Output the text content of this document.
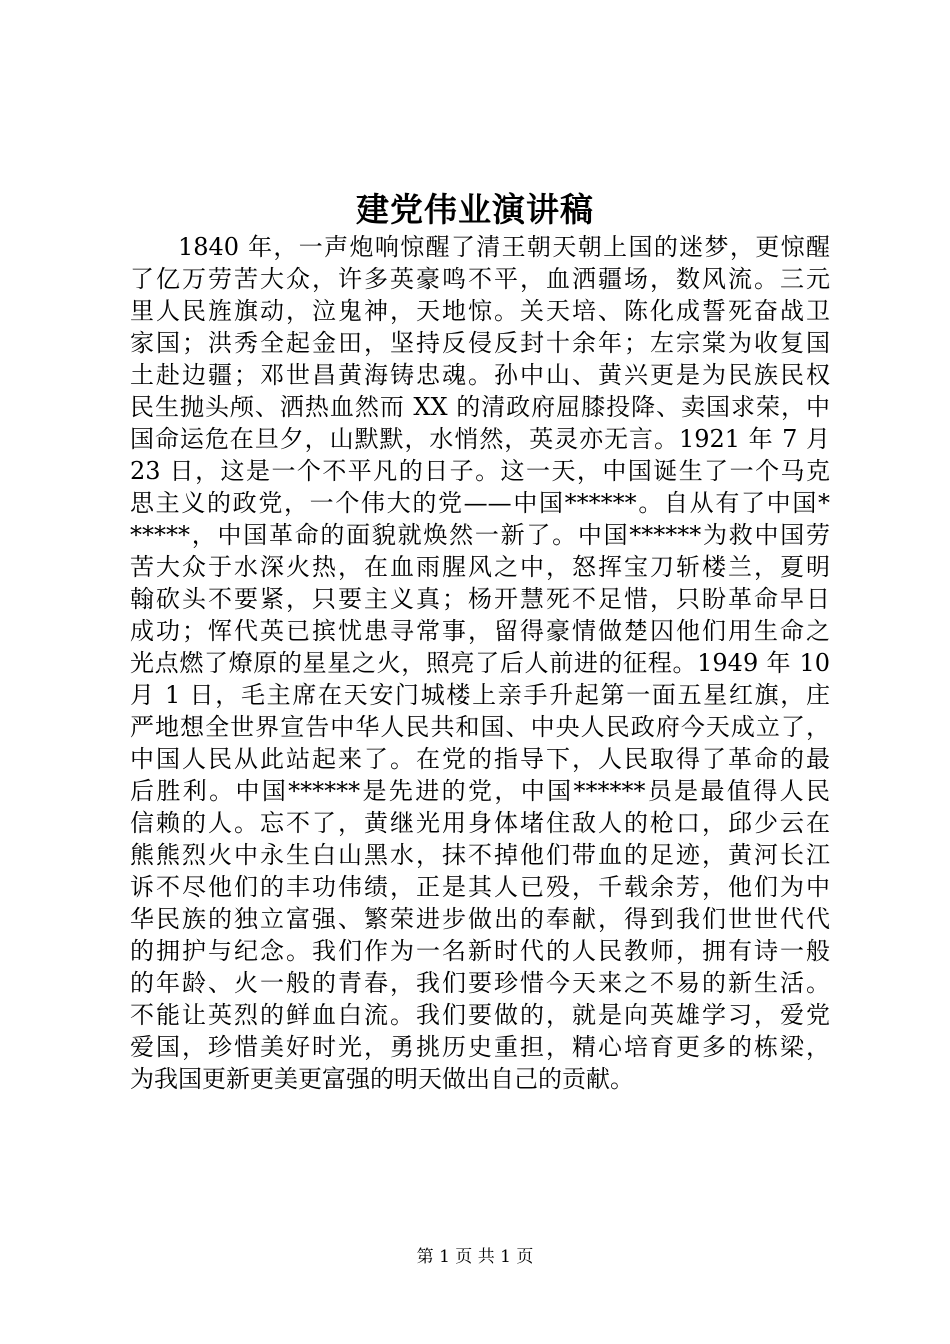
建党伟业演讲稿
1840 年，一声炮响惊醒了清王朝天朝上国的迷梦，更惊醒
了亿万劳苦大众，许多英豪鸣不平，血洒疆场，数风流。三元
里人民旌旗动，泣鬼神，天地惊。关天培、陈化成誓死奋战卫
家国；洪秀全起金田，坚持反侵反封十余年；左宗棠为收复国
土赴边疆；邓世昌黄海铸忠魂。孙中山、黄兴更是为民族民权
民生抛头颅、洒热血然而 XX 的清政府屈膝投降、卖国求荣，中
国命运危在旦夕，山默默，水悄然，英灵亦无言。1921 年 7 月
23 日，这是一个不平凡的日子。这一天，中国诞生了一个马克
思主义的政党，一个伟大的党——中国******。自从有了中国*
*****，中国革命的面貌就焕然一新了。中国******为救中国劳
苦大众于水深火热，在血雨腥风之中，怒挥宝刀斩楼兰，夏明
翰砍头不要紧，只要主义真；杨开慧死不足惜，只盼革命早日
成功；恽代英已摈忧患寻常事，留得豪情做楚囚他们用生命之
光点燃了燎原的星星之火，照亮了后人前进的征程。1949 年 10
月 1 日，毛主席在天安门城楼上亲手升起第一面五星红旗，庄
严地想全世界宣告中华人民共和国、中央人民政府今天成立了，
中国人民从此站起来了。在党的指导下，人民取得了革命的最
后胜利。中国******是先进的党，中国******员是最值得人民
信赖的人。忘不了，黄继光用身体堵住敌人的枪口，邱少云在
熊熊烈火中永生白山黑水，抹不掉他们带血的足迹，黄河长江
诉不尽他们的丰功伟绩，正是其人已殁，千载余芳，他们为中
华民族的独立富强、繁荣进步做出的奉献，得到我们世世代代
的拥护与纪念。我们作为一名新时代的人民教师，拥有诗一般
的年龄、火一般的青春，我们要珍惜今天来之不易的新生活。
不能让英烈的鲜血白流。我们要做的，就是向英雄学习，爱党
爱国，珍惜美好时光，勇挑历史重担，精心培育更多的栋梁，
为我国更新更美更富强的明天做出自己的贡献。
第 1 页 共 1 页
